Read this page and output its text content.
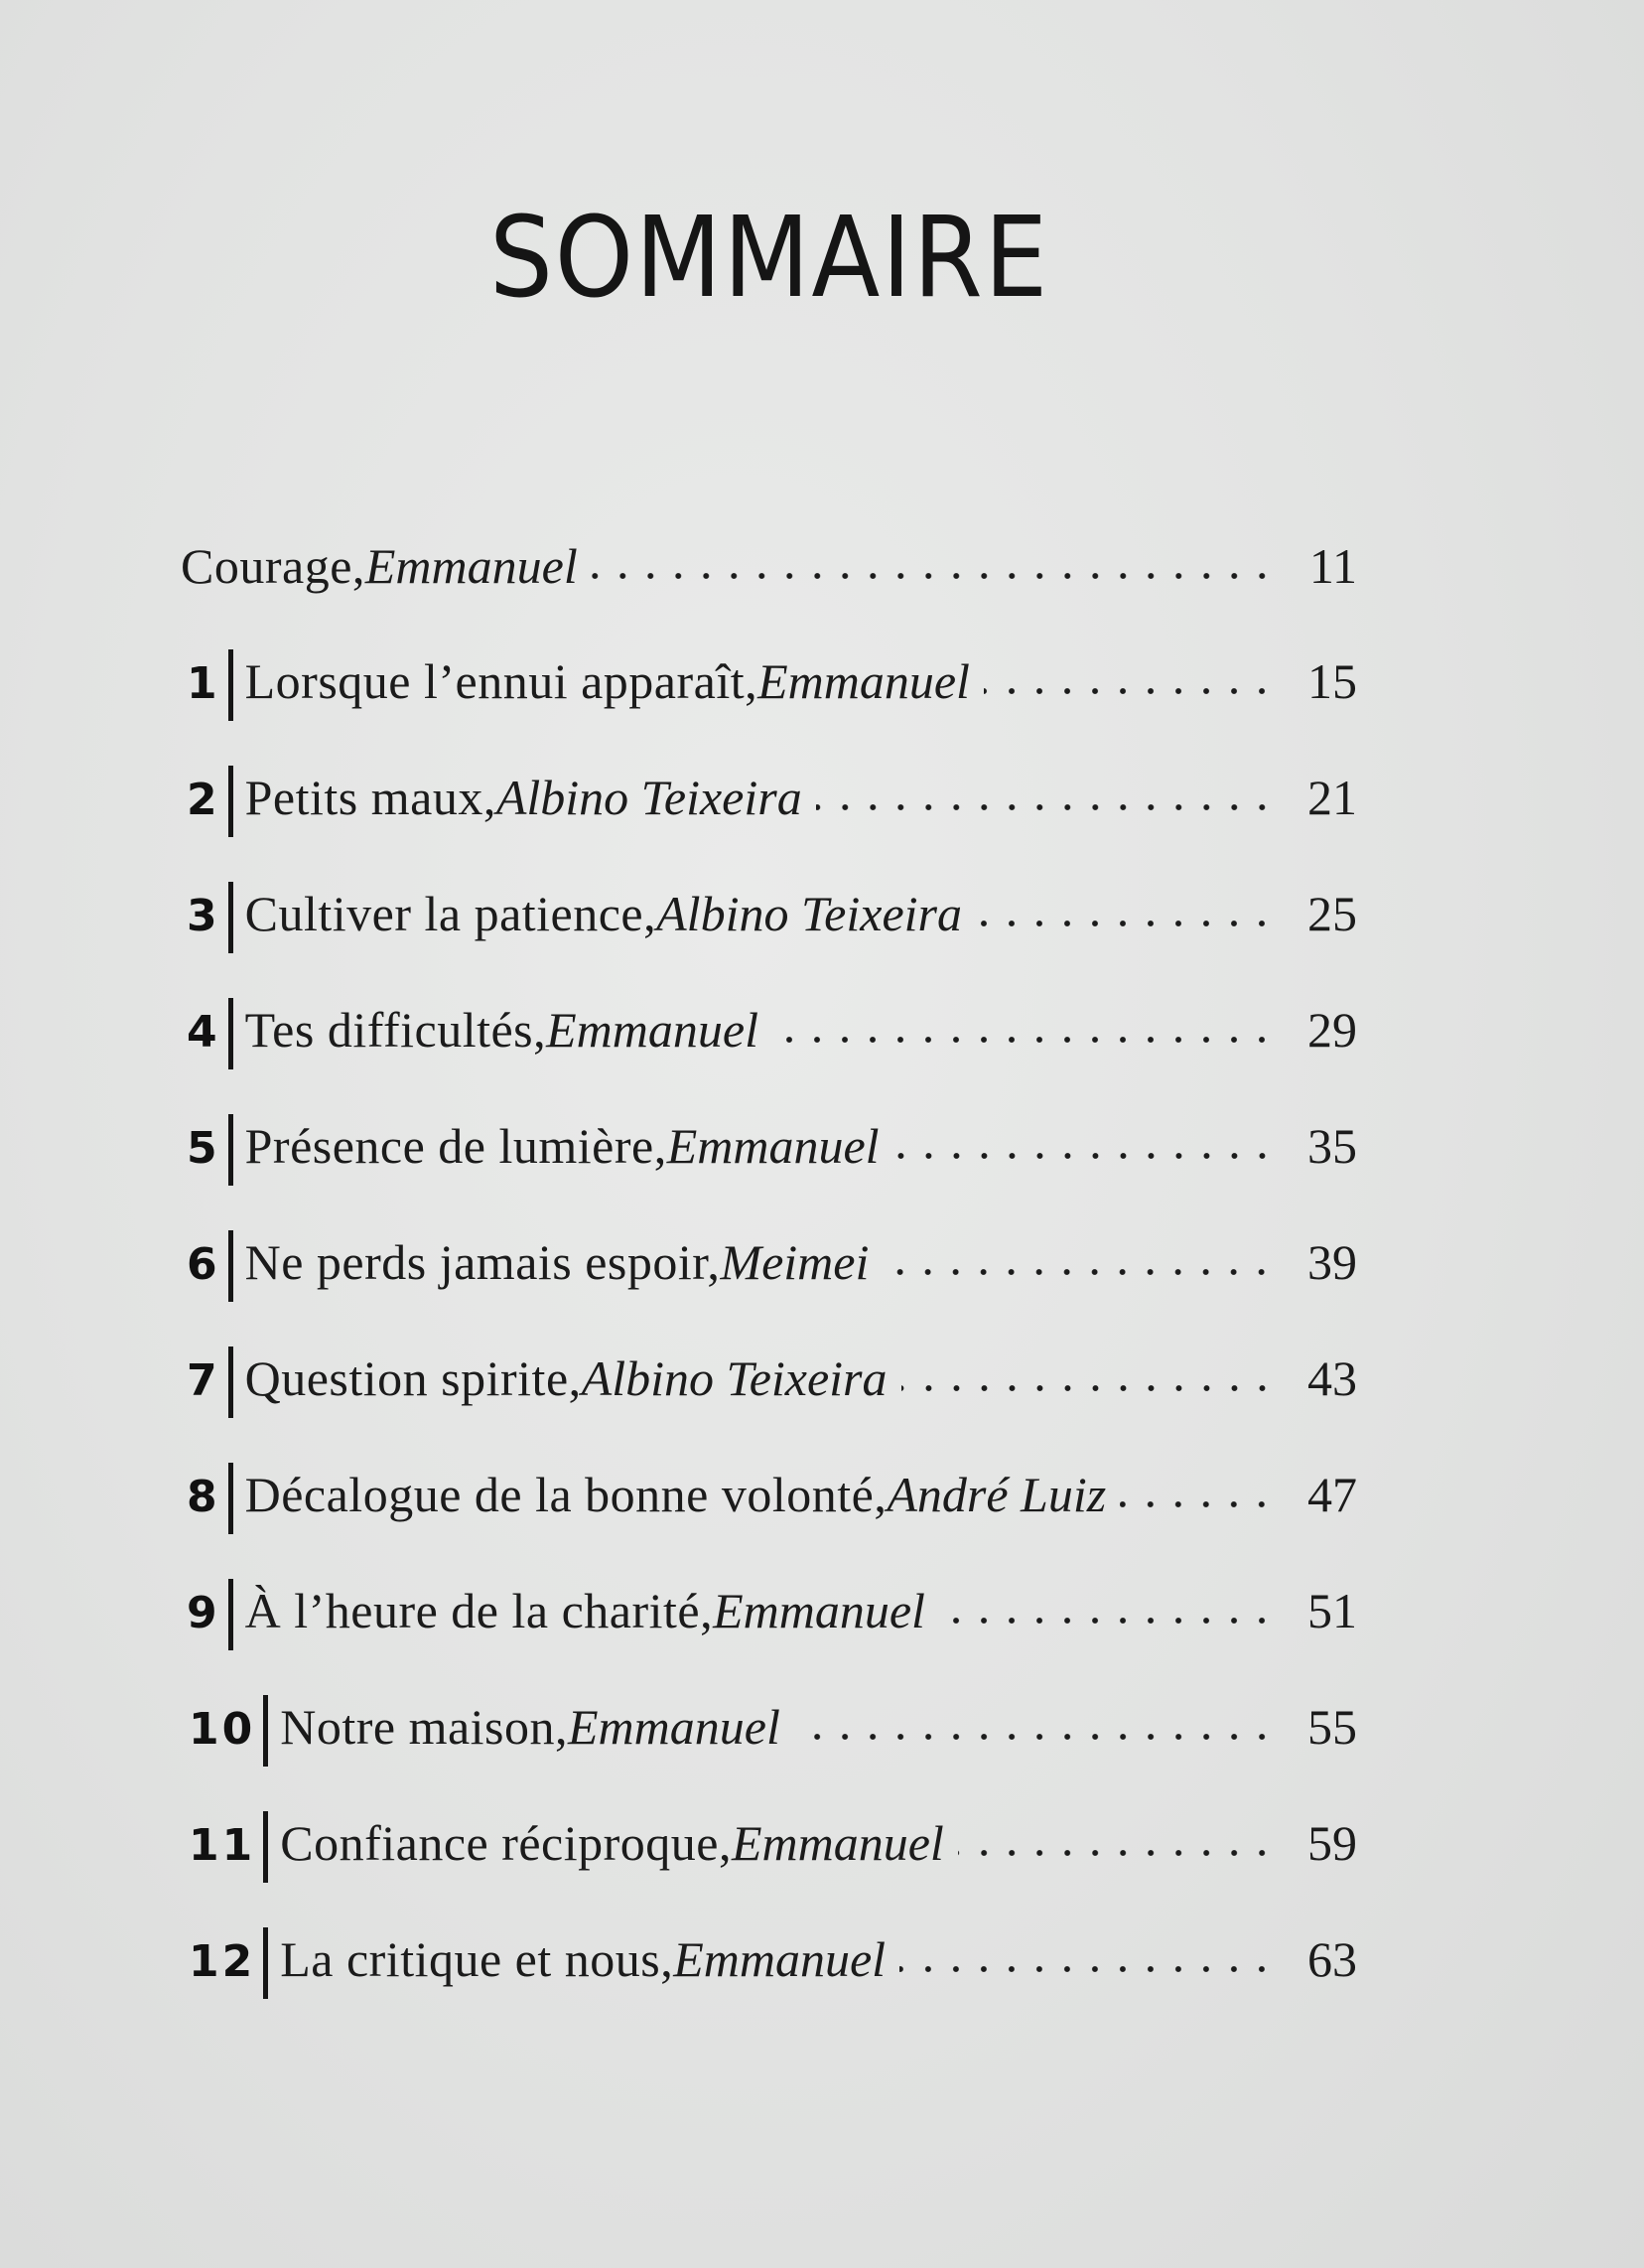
SOMMAIRE
Courage, Emmanuel	11
1 Lorsque l’ennui apparaît, Emmanuel	15
2 Petits maux, Albino Teixeira	21
3 Cultiver la patience, Albino Teixeira	25
4 Tes difficultés, Emmanuel	29
5 Présence de lumière, Emmanuel	35
6 Ne perds jamais espoir, Meimei	39
7 Question spirite, Albino Teixeira	43
8 Décalogue de la bonne volonté, André Luiz	47
9 À l’heure de la charité, Emmanuel	51
10 Notre maison, Emmanuel	55
11 Confiance réciproque, Emmanuel	59
12 La critique et nous, Emmanuel	63
